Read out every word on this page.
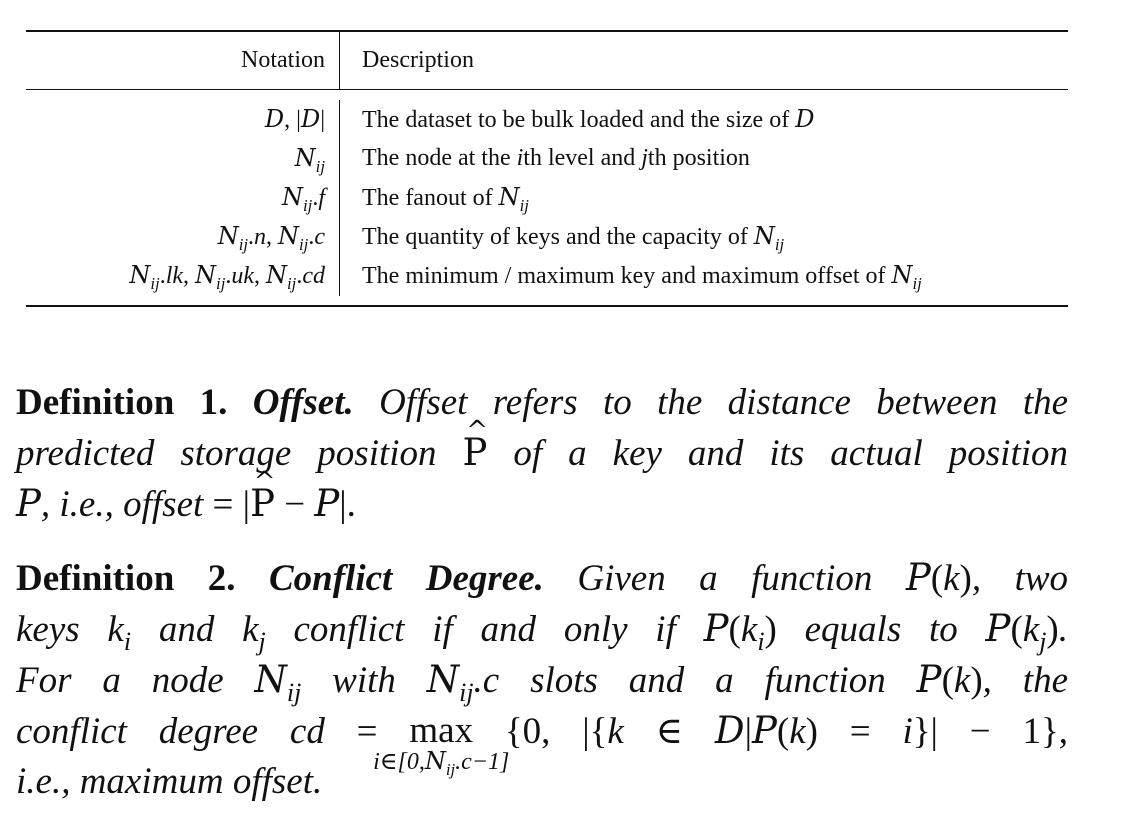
Notation	Description
D, |D|	The dataset to be bulk loaded and the size of D
$N_{ij}$	The node at the ith level and jth position
$N_{ij}.f$	The fanout of $N_{ij}$
$N_{ij}.n$, $N_{ij}.c$	The quantity of keys and the capacity of $N_{ij}$
$N_{ij}.lk$, $N_{ij}.uk$, $N_{ij}.cd$	The minimum / maximum key and maximum offset of $N_{ij}$
Definition 1. Offset. Offset refers to the distance between the
predicted storage position ^ P of a key and its actual position
P, i.e., offset = |^ P − P|.
Definition 2. Conflict Degree. Given a function P(k), two
keys $k_i$ and $k_j$ conflict if and only if $P(k_i)$ equals to $P(k_j)$.
For a node $N_{ij}$ with $N_{ij}.c$ slots and a function P(k), the
conflict degree cd = max
$i\in[0,N_{ij}.c-1]$
{0, |{k ∈ D|P(k) = i}| − 1},
i.e., maximum offset.
